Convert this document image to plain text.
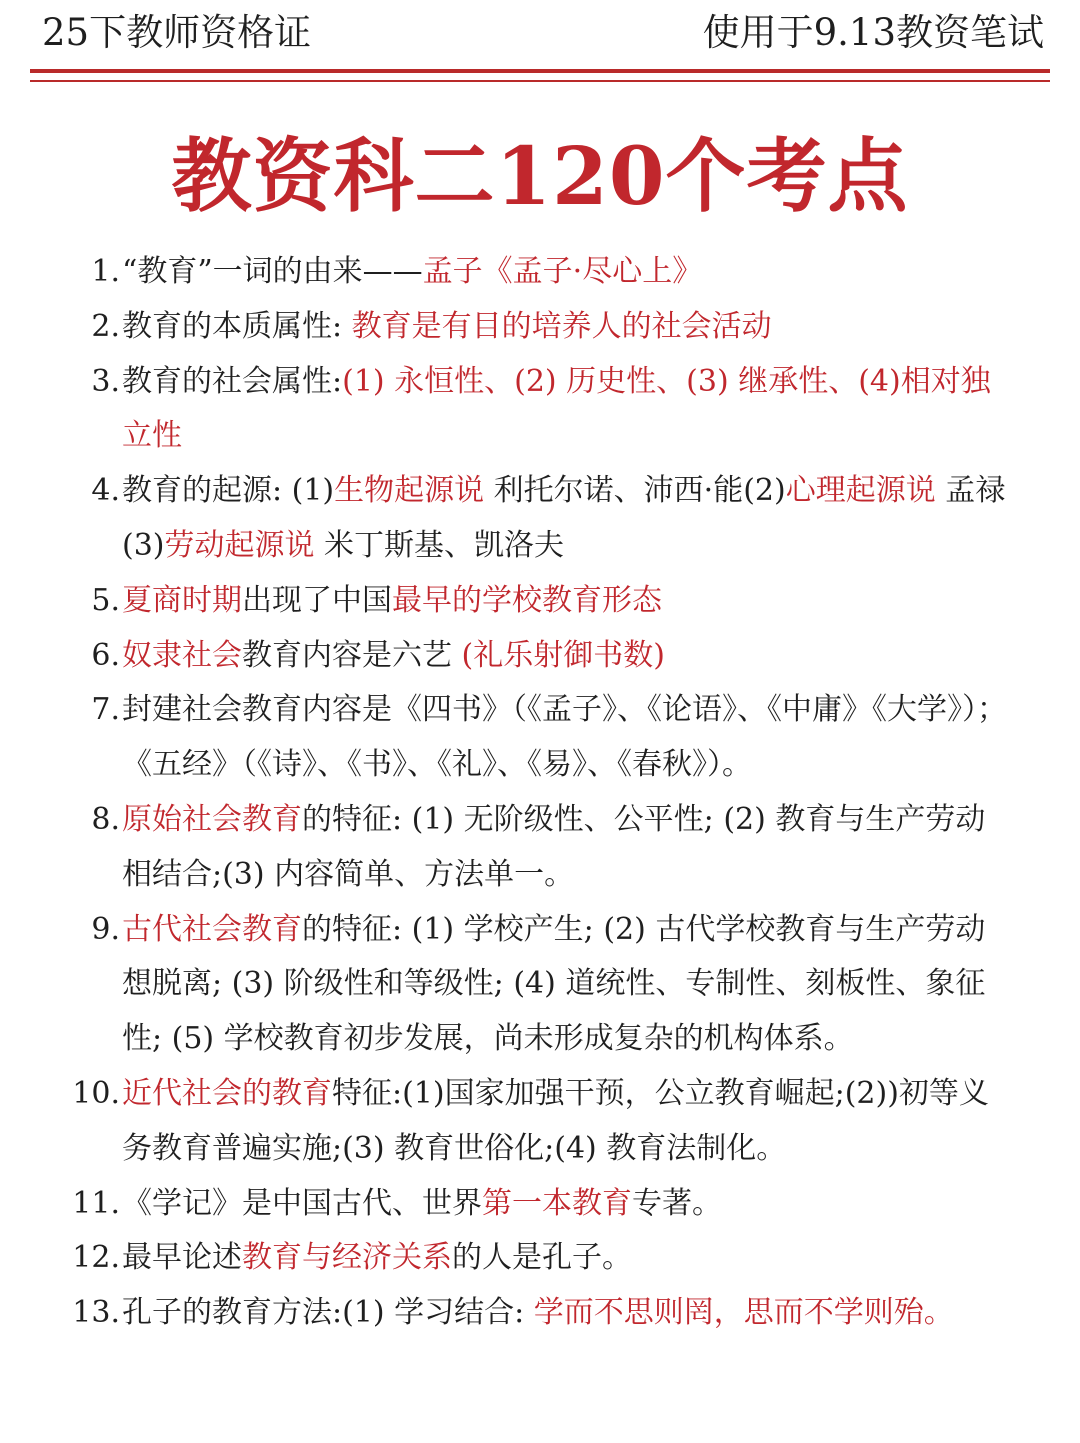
25下教师资格证	使用于9.13教资笔试
教资科二120个考点
1. “教育”一词的由来——孟子《孟子·尽心上》
2. 教育的本质属性: 教育是有目的培养人的社会活动
3. 教育的社会属性:(1) 永恒性、(2) 历史性、(3) 继承性、(4)相对独立性
4. 教育的起源: (1)生物起源说 利托尔诺、沛西·能(2)心理起源说 孟禄 (3)劳动起源说 米丁斯基、凯洛夫
5. 夏商时期出现了中国最早的学校教育形态
6. 奴隶社会教育内容是六艺 (礼乐射御书数)
7. 封建社会教育内容是《四书》（《孟子》、《论语》、《中庸》《大学》）；《五经》（《诗》、《书》、《礼》、《易》、《春秋》）。
8. 原始社会教育的特征: (1) 无阶级性、公平性; (2) 教育与生产劳动相结合;(3) 内容简单、方法单一。
9. 古代社会教育的特征: (1) 学校产生; (2) 古代学校教育与生产劳动想脱离; (3) 阶级性和等级性; (4) 道统性、专制性、刻板性、象征性; (5) 学校教育初步发展，尚未形成复杂的机构体系。
10. 近代社会的教育特征:(1)国家加强干预，公立教育崛起;(2))初等义务教育普遍实施;(3) 教育世俗化;(4) 教育法制化。
11. 《学记》是中国古代、世界第一本教育专著。
12. 最早论述教育与经济关系的人是孔子。
13. 孔子的教育方法:(1) 学习结合: 学而不思则罔，思而不学则殆。
